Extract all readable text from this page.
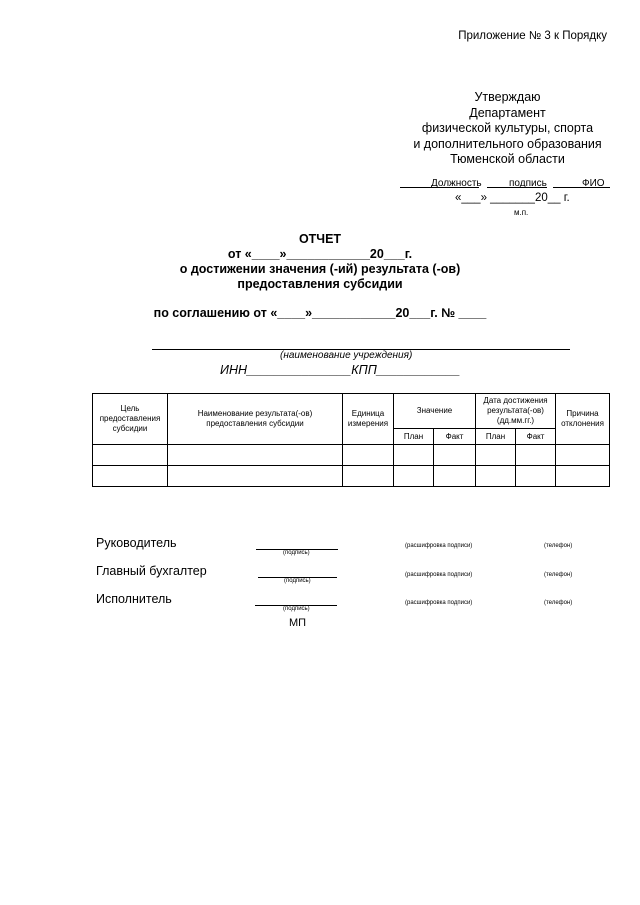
Приложение № 3 к Порядку
Утверждаю
Департамент
физической культуры, спорта
и дополнительного образования
Тюменской области
Должность	подпись	ФИО
«___» _______20__ г.
м.п.
ОТЧЕТ
от «____»____________20___г.
о достижении значения (-ий) результата (-ов)
предоставления субсидии
по соглашению от «____»____________20___г. № ____
(наименование учреждения)
ИНН_______________КПП____________
Цель предоставления субсидии	Наименование результата(-ов) предоставления субсидии	Единица измерения	Значение		Дата достижения результата(-ов) (дд.мм.гг.)		Причина отклонения
			План	Факт	План	Факт	

Руководитель
(подпись)
(расшифровка подписи)	(телефон)
Главный бухгалтер
(подпись)
(расшифровка подписи)	(телефон)
Исполнитель
(подпись)
(расшифровка подписи)	(телефон)
МП
